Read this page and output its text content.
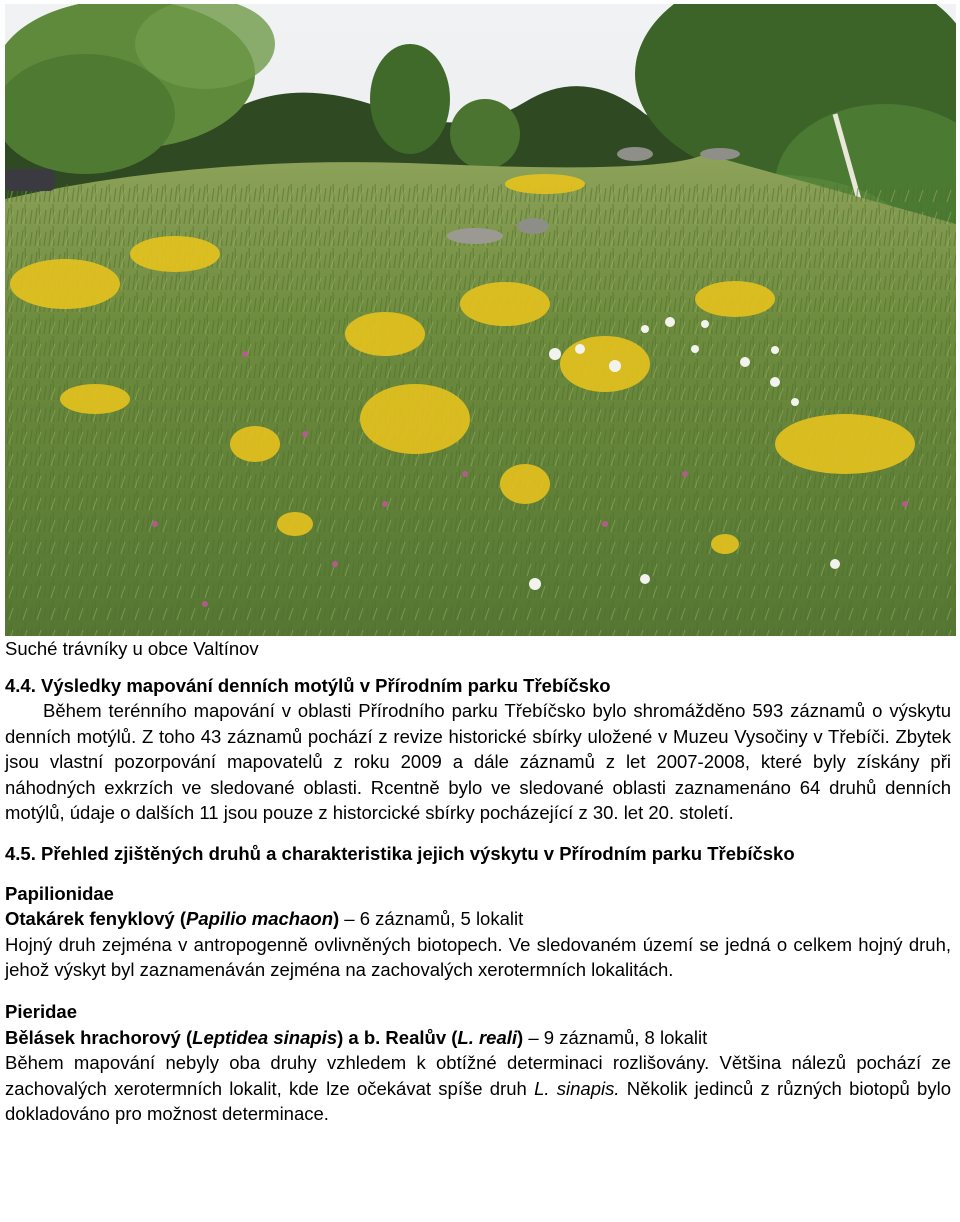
Suché trávníky u obce Valtínov

4.4. Výsledky mapování denních motýlů v Přírodním parku Třebíčsko

Během terénního mapování v oblasti Přírodního parku Třebíčsko bylo shromážděno 593 záznamů o výskytu denních motýlů. Z toho 43 záznamů pochází z revize historické sbírky uložené v Muzeu Vysočiny v Třebíči. Zbytek jsou vlastní pozorpování mapovatelů z roku 2009 a dále záznamů z let 2007-2008, které byly získány při náhodných exkrzích ve sledované oblasti. Rcentně bylo ve sledované oblasti zaznamenáno 64 druhů denních motýlů, údaje o dalších 11 jsou pouze z historcické sbírky pocházející z 30. let 20. století.

4.5. Přehled zjištěných druhů a charakteristika jejich výskytu v Přírodním parku Třebíčsko

Papilionidae

Otakárek fenyklový (Papilio machaon) – 6 záznamů, 5 lokalit

Hojný druh zejména v antropogenně ovlivněných biotopech. Ve sledovaném území se jedná o celkem hojný druh, jehož výskyt byl zaznamenáván zejména na zachovalých xerotermních lokalitách.

Pieridae

Bělásek hrachorový (Leptidea sinapis) a b. Realův (L. reali) – 9 záznamů, 8 lokalit

Během mapování nebyly oba druhy vzhledem k obtížné determinaci rozlišovány. Většina nálezů pochází ze zachovalých xerotermních lokalit, kde lze očekávat spíše druh L. sinapis. Několik jedinců z různých biotopů bylo dokladováno pro možnost determinace.
